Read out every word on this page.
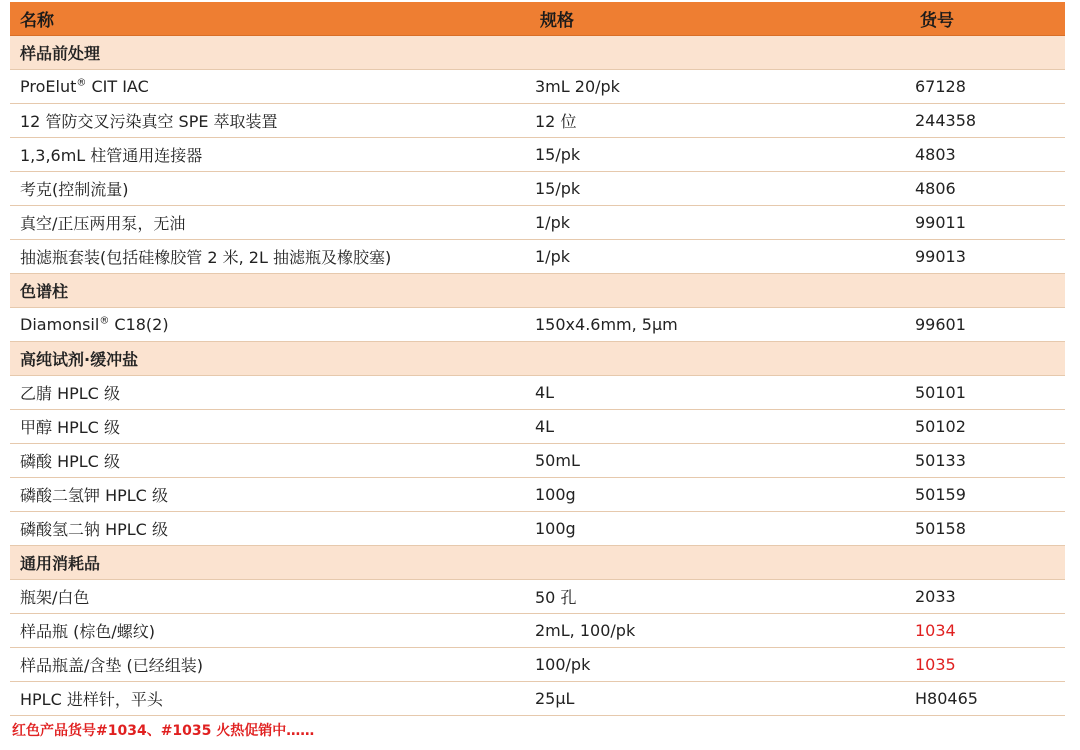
名称	规格	货号
样品前处理
ProElut® CIT IAC	3mL 20/pk	67128
12 管防交叉污染真空 SPE 萃取装置	12 位	244358
1,3,6mL 柱管通用连接器	15/pk	4803
考克(控制流量)	15/pk	4806
真空/正压两用泵，无油	1/pk	99011
抽滤瓶套装(包括硅橡胶管 2 米, 2L 抽滤瓶及橡胶塞)	1/pk	99013
色谱柱
Diamonsil® C18(2)	150x4.6mm, 5μm	99601
高纯试剂·缓冲盐
乙腈 HPLC 级	4L	50101
甲醇 HPLC 级	4L	50102
磷酸 HPLC 级	50mL	50133
磷酸二氢钾 HPLC 级	100g	50159
磷酸氢二钠 HPLC 级	100g	50158
通用消耗品
瓶架/白色	50 孔	2033
样品瓶 (棕色/螺纹)	2mL, 100/pk	1034
样品瓶盖/含垫 (已经组装)	100/pk	1035
HPLC 进样针，平头	25μL	H80465
红色产品货号#1034、#1035 火热促销中……
